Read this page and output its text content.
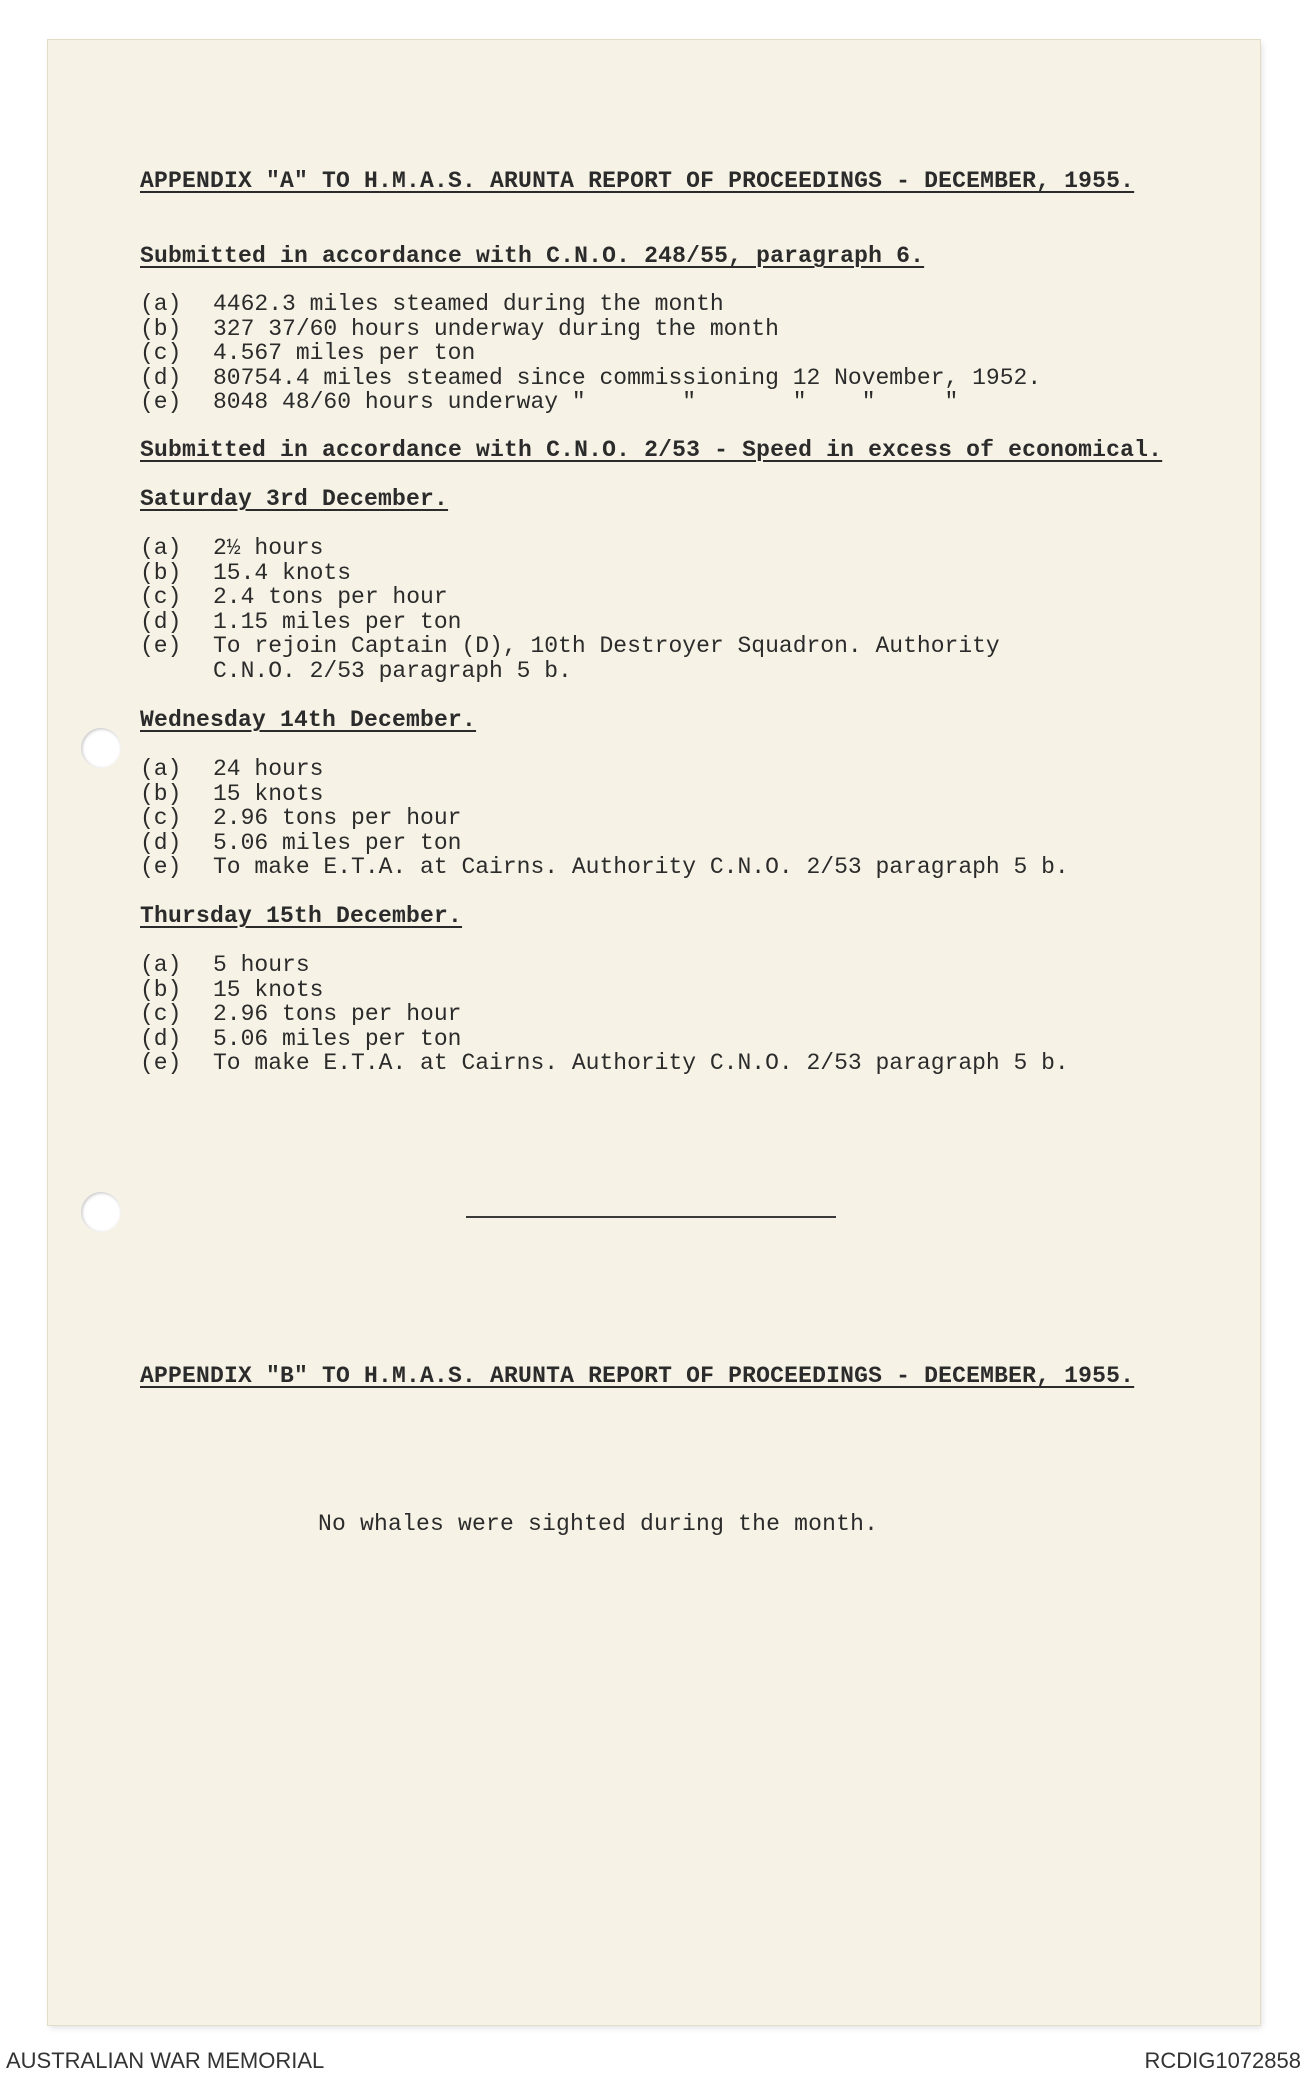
APPENDIX "A" TO H.M.A.S. ARUNTA REPORT OF PROCEEDINGS - DECEMBER, 1955.
Submitted in accordance with C.N.O. 248/55, paragraph 6.
(a)	4462.3 miles steamed during the month
(b)	327 37/60 hours underway during the month
(c)	4.567 miles per ton
(d)	80754.4 miles steamed since commissioning 12 November, 1952.
(e)	8048 48/60 hours underway "       "       "    "     "
Submitted in accordance with C.N.O. 2/53 - Speed in excess of economical.
Saturday 3rd December.
(a)	2½ hours
(b)	15.4 knots
(c)	2.4 tons per hour
(d)	1.15 miles per ton
(e)	To rejoin Captain (D), 10th Destroyer Squadron. Authority
C.N.O. 2/53 paragraph 5 b.
Wednesday 14th December.
(a)	24 hours
(b)	15 knots
(c)	2.96 tons per hour
(d)	5.06 miles per ton
(e)	To make E.T.A. at Cairns. Authority C.N.O. 2/53 paragraph 5 b.
Thursday 15th December.
(a)	5 hours
(b)	15 knots
(c)	2.96 tons per hour
(d)	5.06 miles per ton
(e)	To make E.T.A. at Cairns. Authority C.N.O. 2/53 paragraph 5 b.
APPENDIX "B" TO H.M.A.S. ARUNTA REPORT OF PROCEEDINGS - DECEMBER, 1955.
No whales were sighted during the month.
AUSTRALIAN WAR MEMORIAL	RCDIG1072858
